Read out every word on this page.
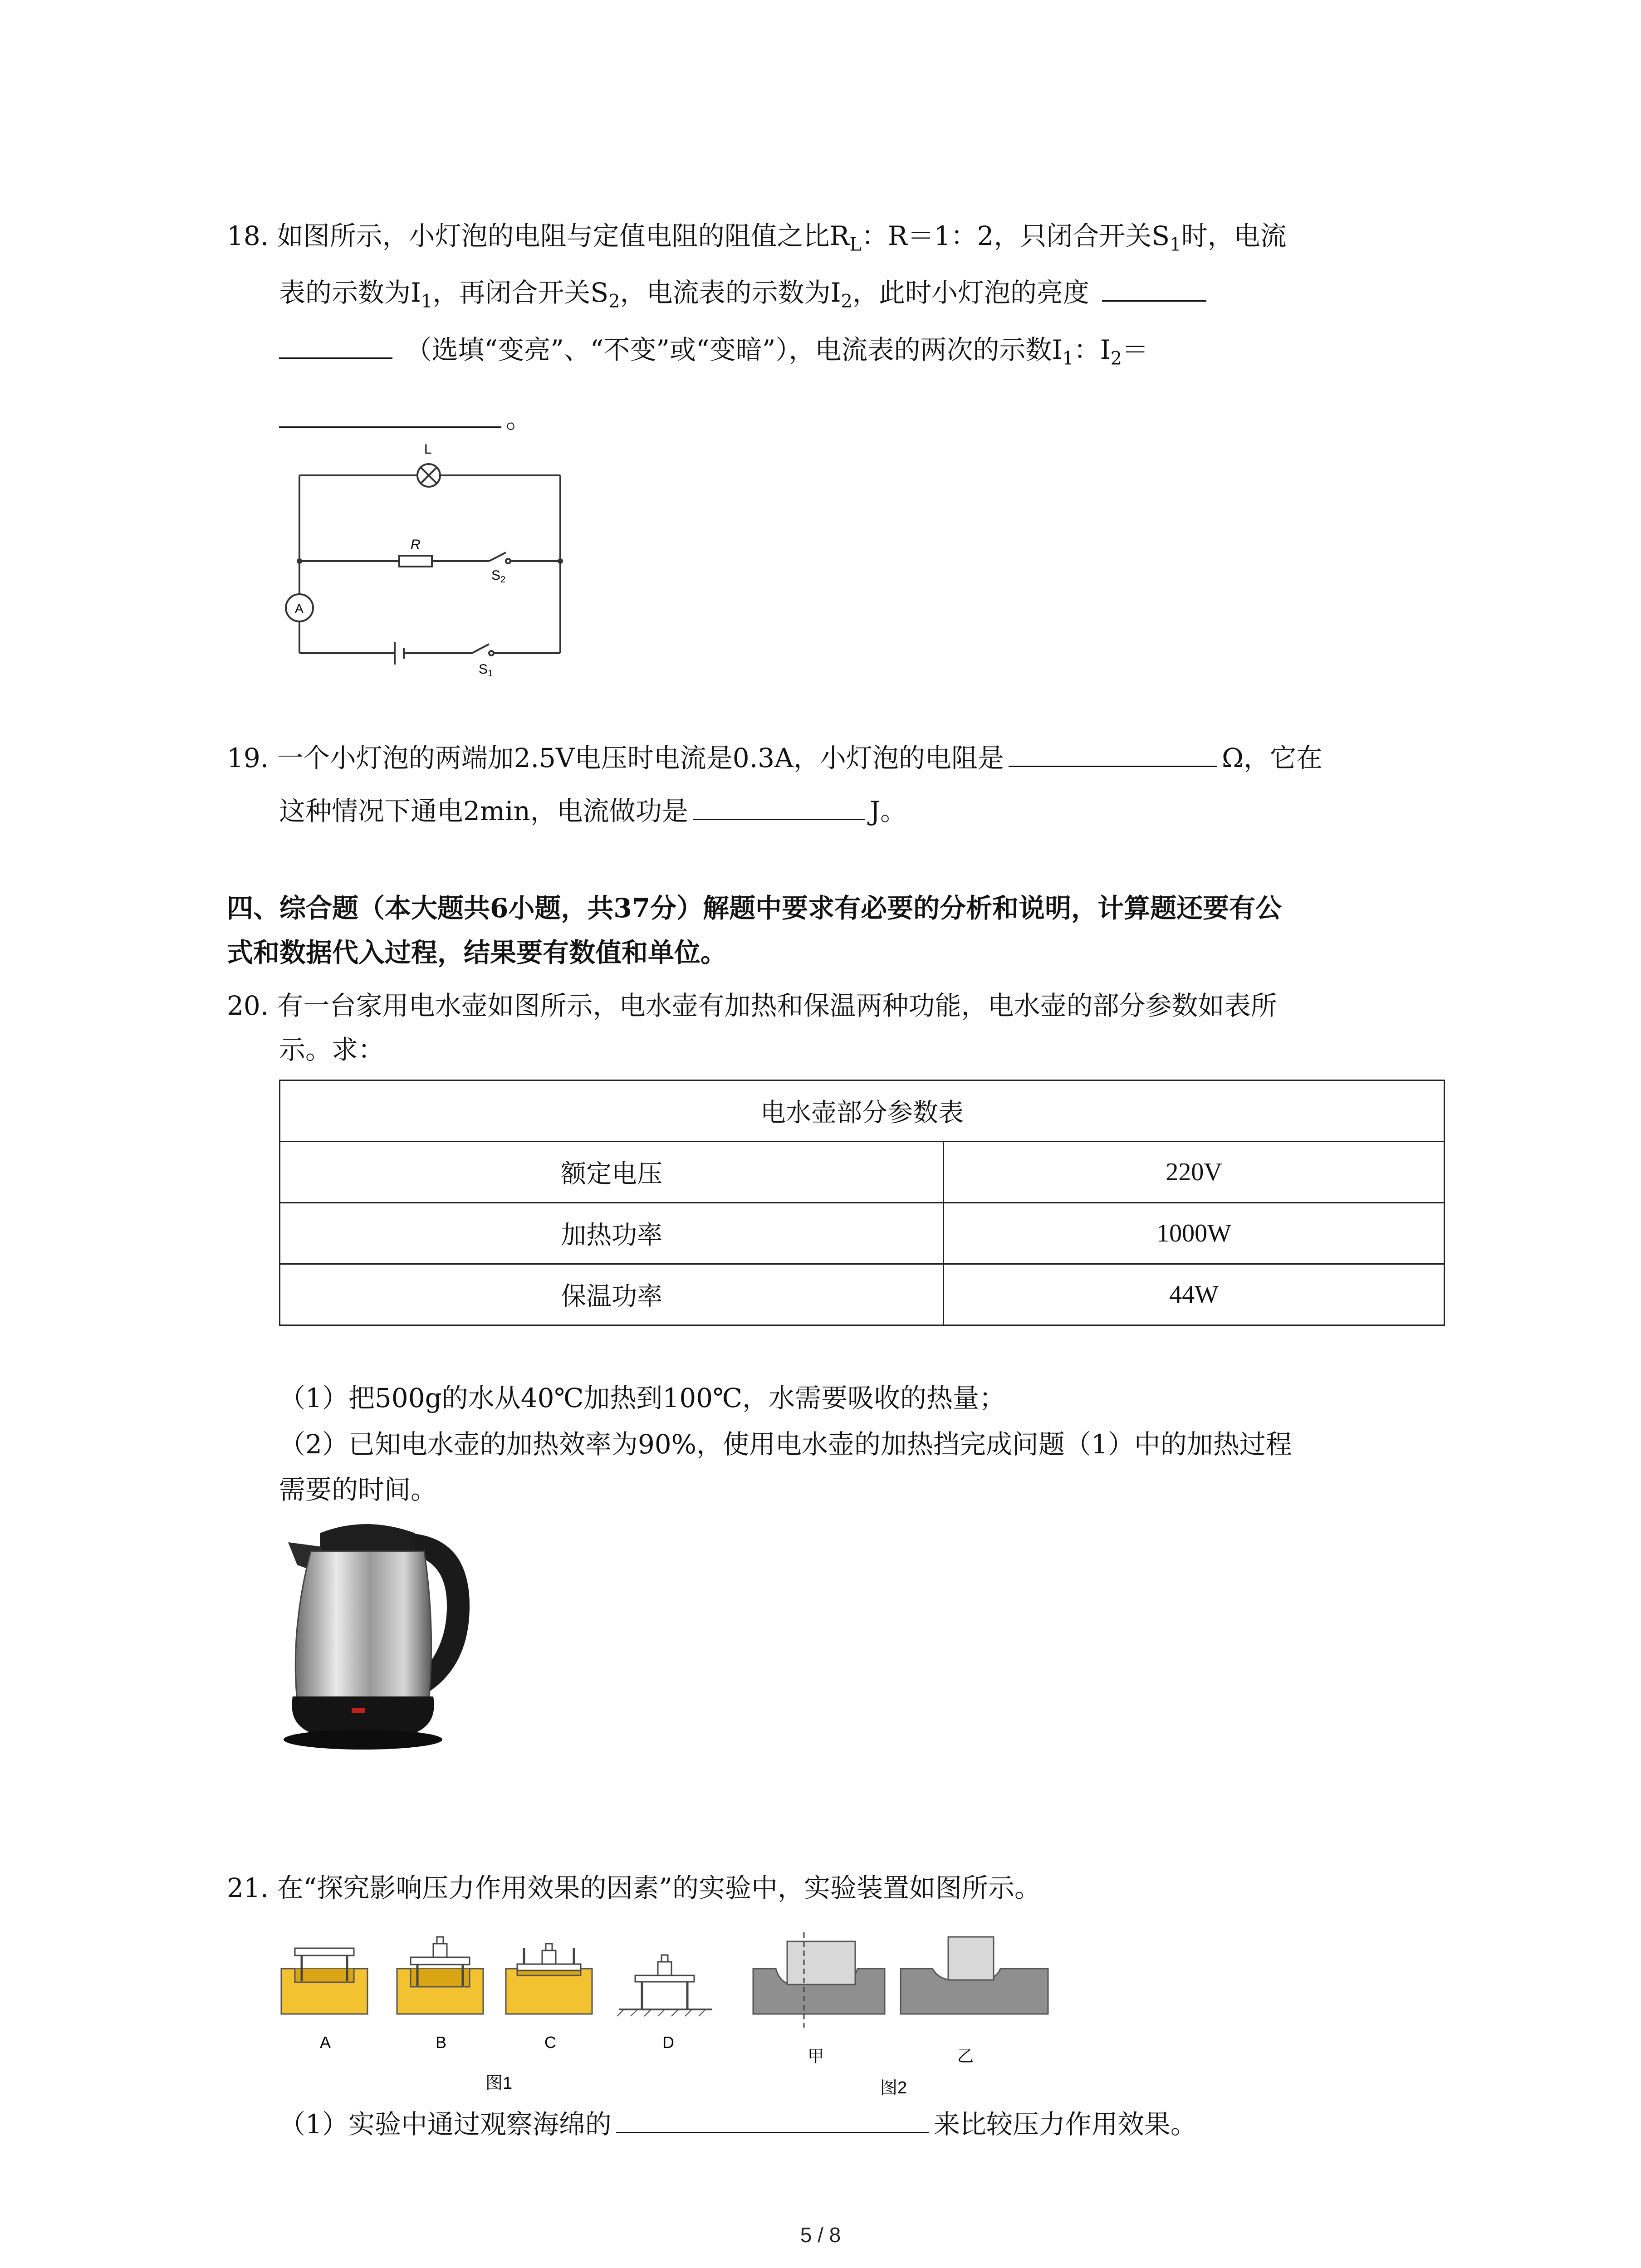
18. 如图所示，小灯泡的电阻与定值电阻的阻值之比$R_L$：R＝1：2，只闭合开关$S_1$时，电流
表的示数为$I_1$，再闭合开关$S_2$，电流表的示数为$I_2$，此时小灯泡的亮度
（选填“变亮”、“不变”或“变暗”），电流表的两次的示数$I_1$：$I_2=$
。
L
R
$S_2$
A
$S_1$
19. 一个小灯泡的两端加2.5V电压时电流是0.3A，小灯泡的电阻是	Ω，它在
这种情况下通电2min，电流做功是	J。
四、综合题（本大题共6小题，共37分）解题中要求有必要的分析和说明，计算题还要有公
式和数据代入过程，结果要有数值和单位。
20. 有一台家用电水壶如图所示，电水壶有加热和保温两种功能，电水壶的部分参数如表所
示。求：
电水壶部分参数表	
额定电压	220V
加热功率	1000W
保温功率	44W
（1）把500g的水从40℃加热到100℃，水需要吸收的热量；
（2）已知电水壶的加热效率为90%，使用电水壶的加热挡完成问题（1）中的加热过程
需要的时间。
21. 在“探究影响压力作用效果的因素”的实验中，实验装置如图所示。
A	B	C	D
图1
甲	乙
图2
（1）实验中通过观察海绵的	来比较压力作用效果。
5 / 8
